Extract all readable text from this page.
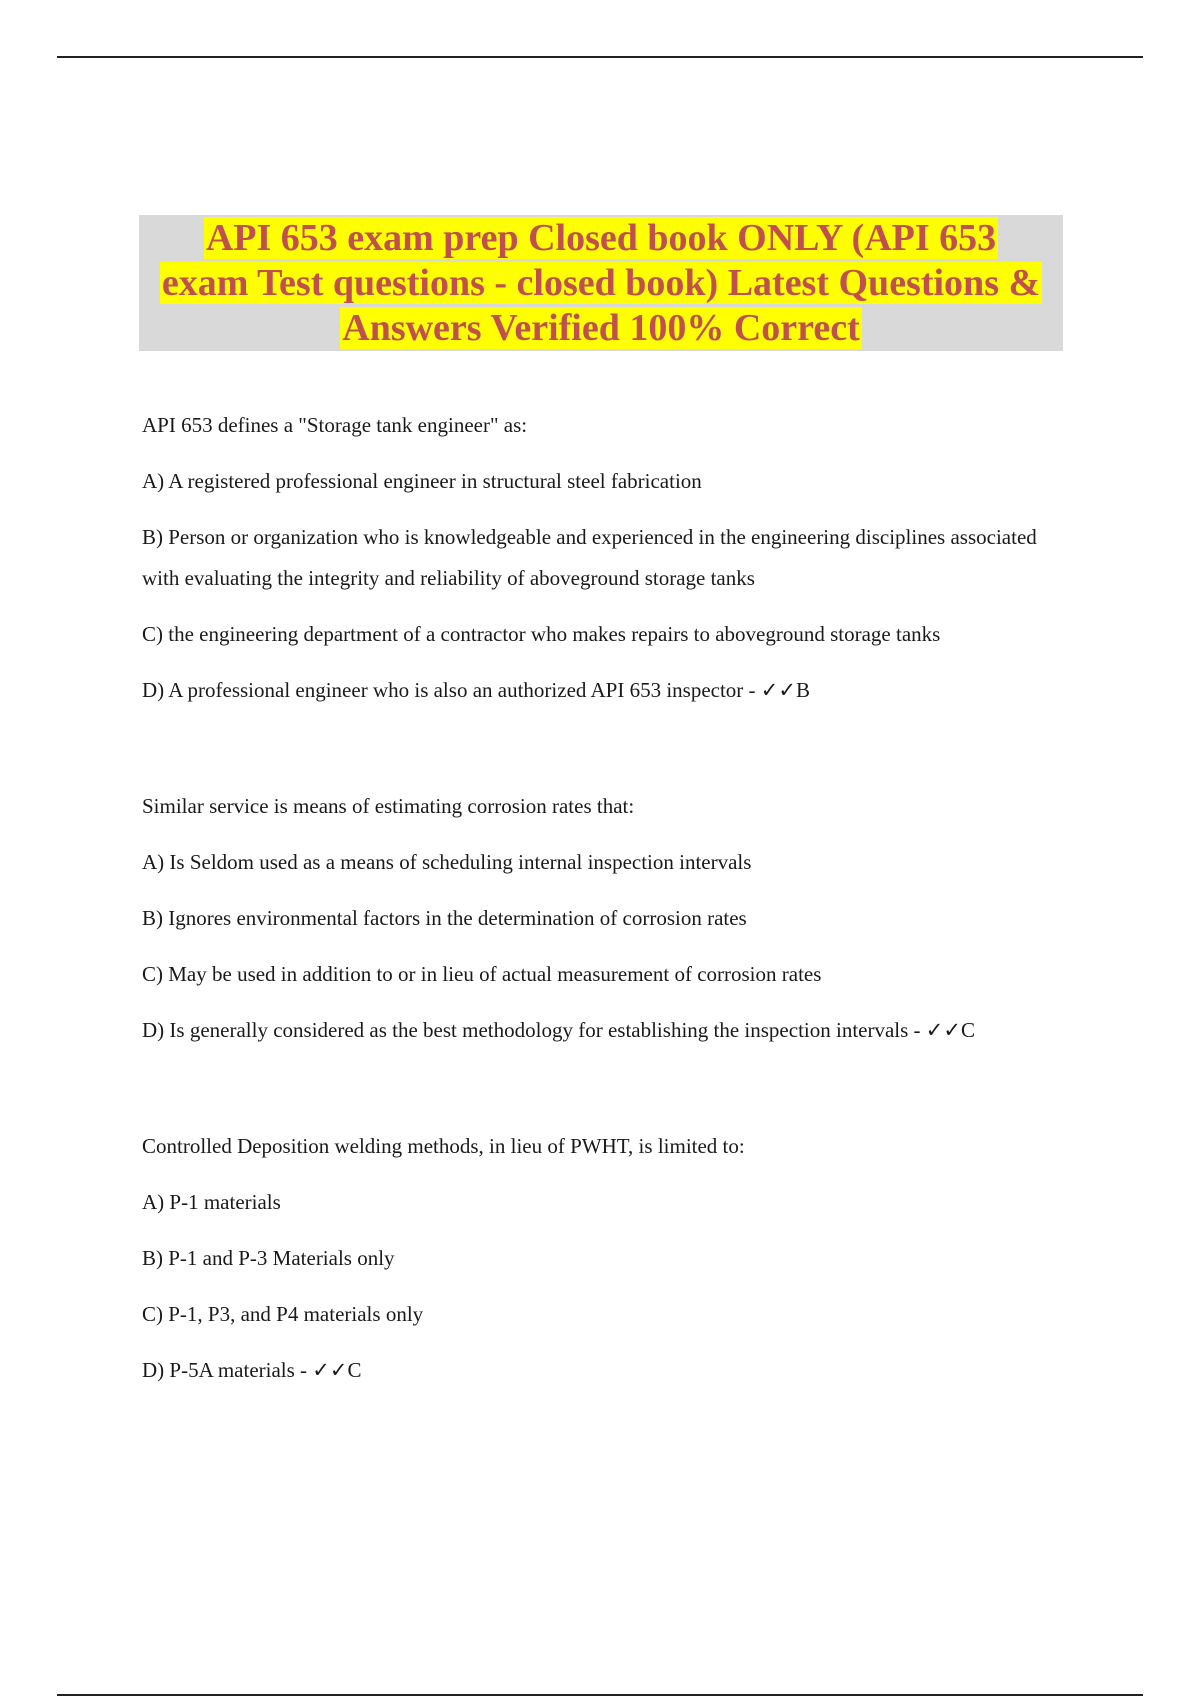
API 653 exam prep Closed book ONLY (API 653
exam Test questions - closed book) Latest Questions &
Answers Verified 100% Correct

API 653 defines a "Storage tank engineer" as:

A) A registered professional engineer in structural steel fabrication

B) Person or organization who is knowledgeable and experienced in the engineering disciplines associated with evaluating the integrity and reliability of aboveground storage tanks

C) the engineering department of a contractor who makes repairs to aboveground storage tanks

D) A professional engineer who is also an authorized API 653 inspector - ✓✓B

Similar service is means of estimating corrosion rates that:

A) Is Seldom used as a means of scheduling internal inspection intervals

B) Ignores environmental factors in the determination of corrosion rates

C) May be used in addition to or in lieu of actual measurement of corrosion rates

D) Is generally considered as the best methodology for establishing the inspection intervals - ✓✓C

Controlled Deposition welding methods, in lieu of PWHT, is limited to:

A) P-1 materials

B) P-1 and P-3 Materials only

C) P-1, P3, and P4 materials only

D) P-5A materials - ✓✓C
